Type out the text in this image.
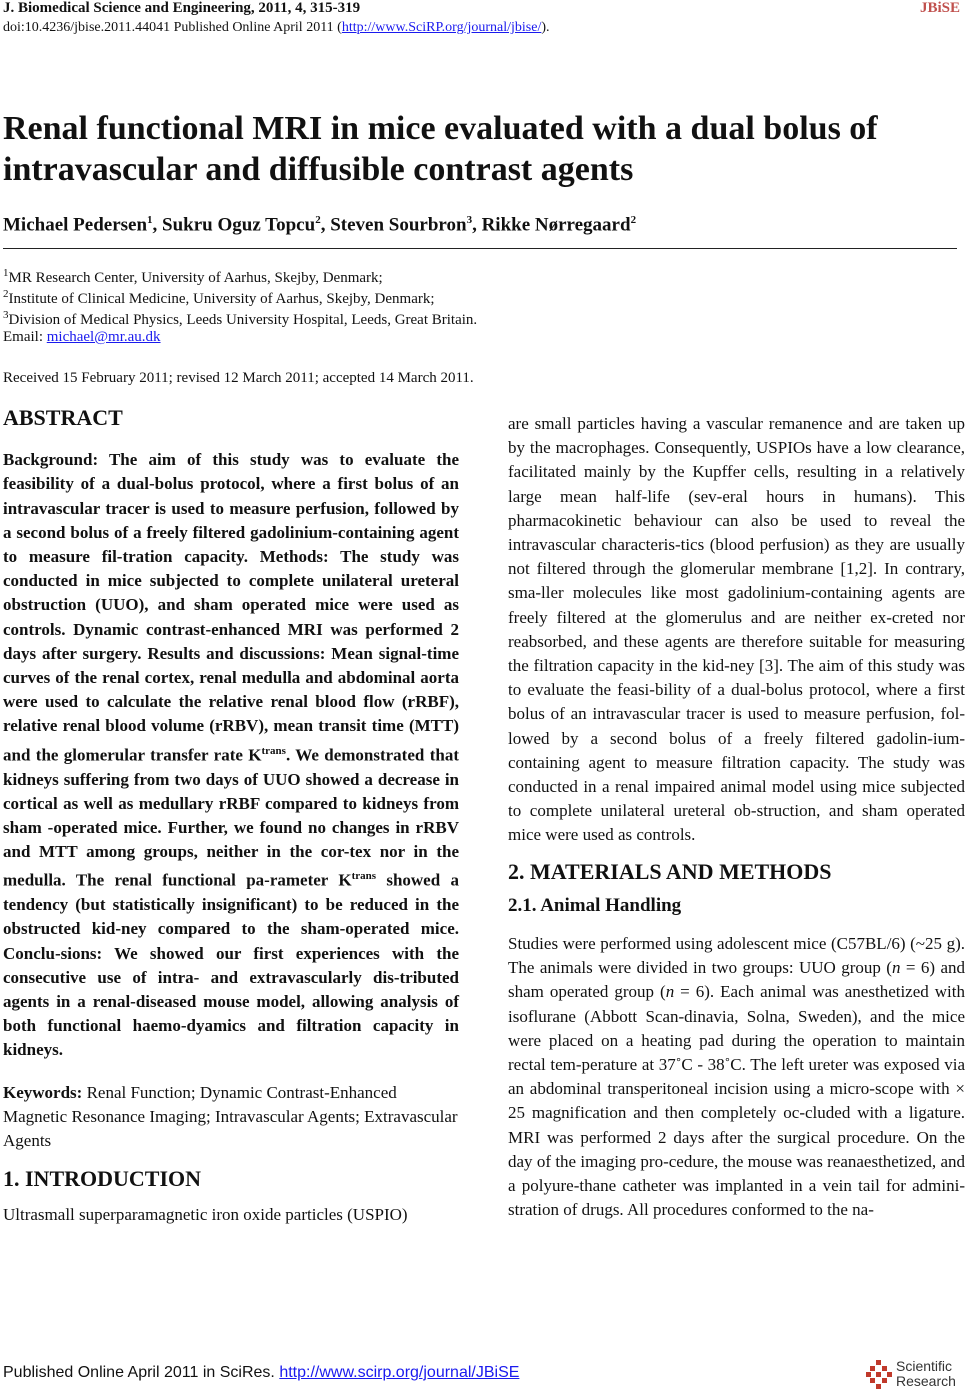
J. Biomedical Science and Engineering, 2011, 4, 315-319	JBiSE
doi:10.4236/jbise.2011.44041 Published Online April 2011 (http://www.SciRP.org/journal/jbise/).
Renal functional MRI in mice evaluated with a dual bolus of intravascular and diffusible contrast agents
Michael Pedersen$^1$, Sukru Oguz Topcu$^2$, Steven Sourbron$^3$, Rikke Nørregaard$^2$
$^1$MR Research Center, University of Aarhus, Skejby, Denmark;
$^2$Institute of Clinical Medicine, University of Aarhus, Skejby, Denmark;
$^3$Division of Medical Physics, Leeds University Hospital, Leeds, Great Britain.
Email: michael@mr.au.dk
Received 15 February 2011; revised 12 March 2011; accepted 14 March 2011.
ABSTRACT
Background: The aim of this study was to evaluate the feasibility of a dual-bolus protocol, where a first bolus of an intravascular tracer is used to measure perfusion, followed by a second bolus of a freely filtered gadolinium-containing agent to measure fil-tration capacity. Methods: The study was conducted in mice subjected to complete unilateral ureteral obstruction (UUO), and sham operated mice were used as controls. Dynamic contrast-enhanced MRI was performed 2 days after surgery. Results and discussions: Mean signal-time curves of the renal cortex, renal medulla and abdominal aorta were used to calculate the relative renal blood flow (rRBF), relative renal blood volume (rRBV), mean transit time (MTT) and the glomerular transfer rate $K^{trans}$. We demonstrated that kidneys suffering from two days of UUO showed a decrease in cortical as well as medullary rRBF compared to kidneys from sham -operated mice. Further, we found no changes in rRBV and MTT among groups, neither in the cor-tex nor in the medulla. The renal functional pa-rameter $K^{trans}$ showed a tendency (but statistically insignificant) to be reduced in the obstructed kid-ney compared to the sham-operated mice. Conclu-sions: We showed our first experiences with the consecutive use of intra- and extravascularly dis-tributed agents in a renal-diseased mouse model, allowing analysis of both functional haemo-dyamics and filtration capacity in kidneys.
Keywords: Renal Function; Dynamic Contrast-Enhanced Magnetic Resonance Imaging; Intravascular Agents; Extravascular Agents
1. INTRODUCTION
Ultrasmall superparamagnetic iron oxide particles (USPIO)
are small particles having a vascular remanence and are taken up by the macrophages. Consequently, USPIOs have a low clearance, facilitated mainly by the Kupffer cells, resulting in a relatively large mean half-life (sev-eral hours in humans). This pharmacokinetic behaviour can also be used to reveal the intravascular characteris-tics (blood perfusion) as they are usually not filtered through the glomerular membrane [1,2]. In contrary, sma-ller molecules like most gadolinium-containing agents are freely filtered at the glomerulus and are neither ex-creted nor reabsorbed, and these agents are therefore suitable for measuring the filtration capacity in the kid-ney [3]. The aim of this study was to evaluate the feasi-bility of a dual-bolus protocol, where a first bolus of an intravascular tracer is used to measure perfusion, fol-lowed by a second bolus of a freely filtered gadolin-ium-containing agent to measure filtration capacity. The study was conducted in a renal impaired animal model using mice subjected to complete unilateral ureteral ob-struction, and sham operated mice were used as controls.
2. MATERIALS AND METHODS
2.1. Animal Handling
Studies were performed using adolescent mice (C57BL/6) (~25 g). The animals were divided in two groups: UUO group (n = 6) and sham operated group (n = 6). Each animal was anesthetized with isoflurane (Abbott Scan-dinavia, Solna, Sweden), and the mice were placed on a heating pad during the operation to maintain rectal tem-perature at 37˚C - 38˚C. The left ureter was exposed via an abdominal transperitoneal incision using a micro-scope with × 25 magnification and then completely oc-cluded with a ligature. MRI was performed 2 days after the surgical procedure. On the day of the imaging pro-cedure, the mouse was reanaesthetized, and a polyure-thane catheter was implanted in a vein tail for admini-stration of drugs. All procedures conformed to the na-
Published Online April 2011 in SciRes. http://www.scirp.org/journal/JBiSE	Scientific
Research
